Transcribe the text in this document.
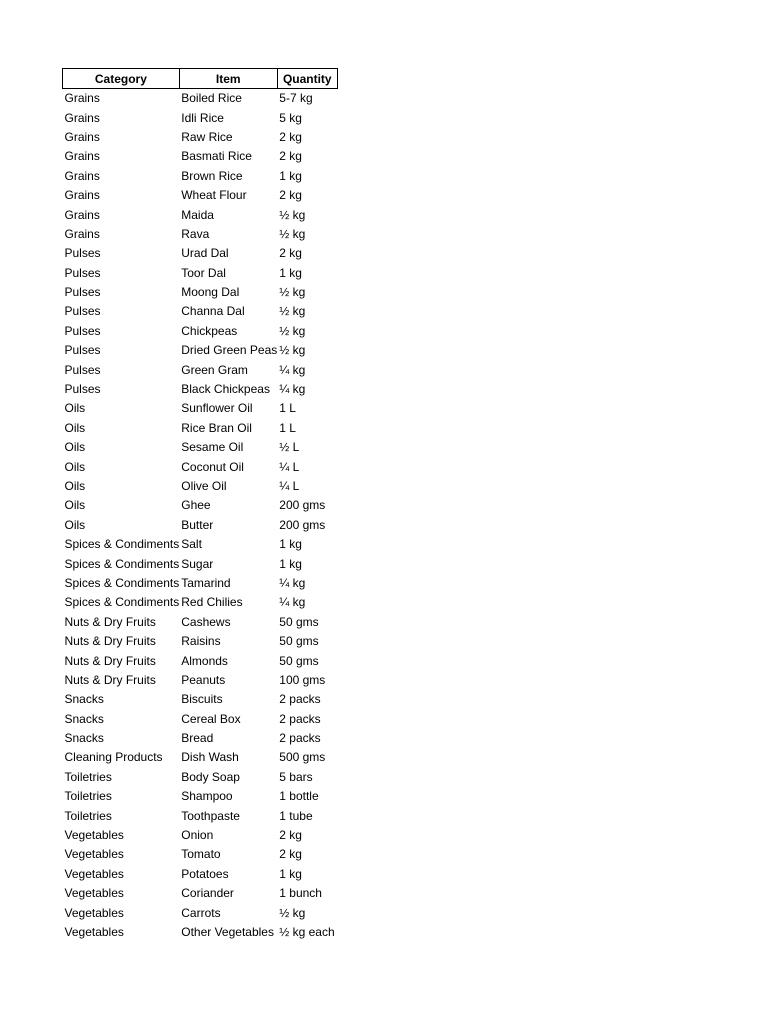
Category	Item	Quantity
Grains	Boiled Rice	5-7 kg
Grains	Idli Rice	5 kg
Grains	Raw Rice	2 kg
Grains	Basmati Rice	2 kg
Grains	Brown Rice	1 kg
Grains	Wheat Flour	2 kg
Grains	Maida	½ kg
Grains	Rava	½ kg
Pulses	Urad Dal	2 kg
Pulses	Toor Dal	1 kg
Pulses	Moong Dal	½ kg
Pulses	Channa Dal	½ kg
Pulses	Chickpeas	½ kg
Pulses	Dried Green Peas	½ kg
Pulses	Green Gram	¼ kg
Pulses	Black Chickpeas	¼ kg
Oils	Sunflower Oil	1 L
Oils	Rice Bran Oil	1 L
Oils	Sesame Oil	½ L
Oils	Coconut Oil	¼ L
Oils	Olive Oil	¼ L
Oils	Ghee	200 gms
Oils	Butter	200 gms
Spices & Condiments	Salt	1 kg
Spices & Condiments	Sugar	1 kg
Spices & Condiments	Tamarind	¼ kg
Spices & Condiments	Red Chilies	¼ kg
Nuts & Dry Fruits	Cashews	50 gms
Nuts & Dry Fruits	Raisins	50 gms
Nuts & Dry Fruits	Almonds	50 gms
Nuts & Dry Fruits	Peanuts	100 gms
Snacks	Biscuits	2 packs
Snacks	Cereal Box	2 packs
Snacks	Bread	2 packs
Cleaning Products	Dish Wash	500 gms
Toiletries	Body Soap	5 bars
Toiletries	Shampoo	1 bottle
Toiletries	Toothpaste	1 tube
Vegetables	Onion	2 kg
Vegetables	Tomato	2 kg
Vegetables	Potatoes	1 kg
Vegetables	Coriander	1 bunch
Vegetables	Carrots	½ kg
Vegetables	Other Vegetables	½ kg each
